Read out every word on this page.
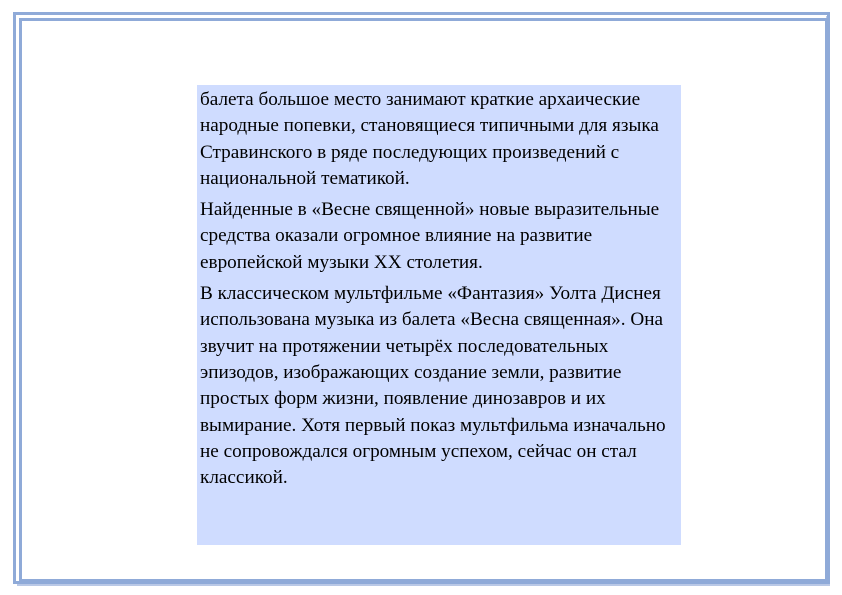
балета большое место занимают краткие архаические народные попевки, становящиеся типичными для языка Стравинского в ряде последующих произведений с национальной тематикой.

Найденные в «Весне священной» новые выразительные средства оказали огромное влияние на развитие европейской музыки XX столетия.

В классическом мультфильме «Фантазия» Уолта Диснея использована музыка из балета «Весна священная». Она звучит на протяжении четырёх последовательных эпизодов, изображающих создание земли, развитие простых форм жизни, появление динозавров и их вымирание. Хотя первый показ мультфильма изначально не сопровождался огромным успехом, сейчас он стал классикой.
